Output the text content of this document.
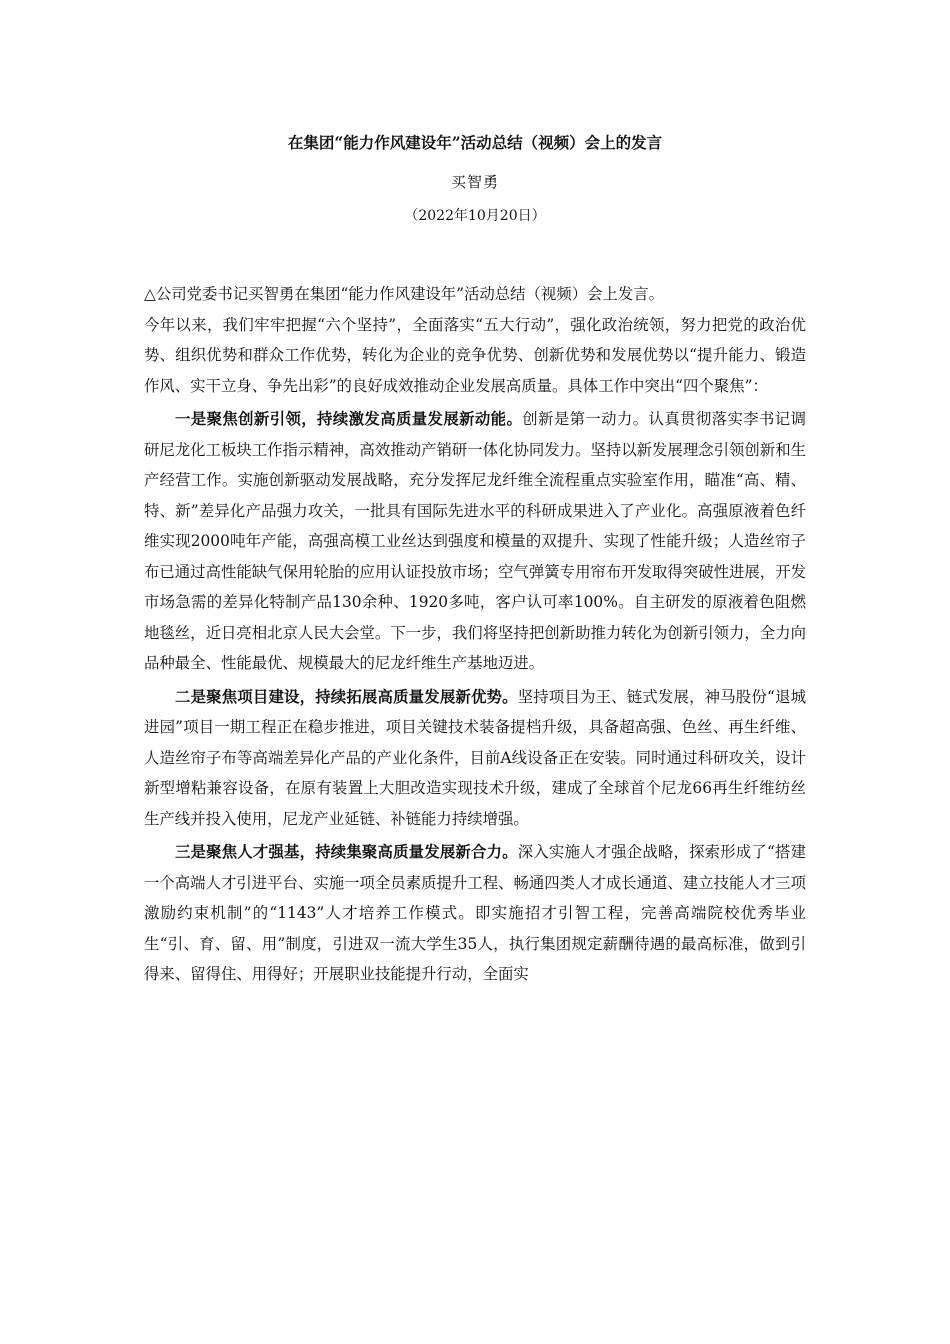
在集团“能力作风建设年”活动总结（视频）会上的发言
买智勇
（2022年10月20日）

△公司党委书记买智勇在集团“能力作风建设年”活动总结（视频）会上发言。

今年以来，我们牢牢把握“六个坚持”，全面落实“五大行动”，强化政治统领，努力把党的政治优势、组织优势和群众工作优势，转化为企业的竞争优势、创新优势和发展优势以“提升能力、锻造作风、实干立身、争先出彩”的良好成效推动企业发展高质量。具体工作中突出“四个聚焦”：

一是聚焦创新引领，持续激发高质量发展新动能。创新是第一动力。认真贯彻落实李书记调研尼龙化工板块工作指示精神，高效推动产销研一体化协同发力。坚持以新发展理念引领创新和生产经营工作。实施创新驱动发展战略，充分发挥尼龙纤维全流程重点实验室作用，瞄准“高、精、特、新”差异化产品强力攻关，一批具有国际先进水平的科研成果进入了产业化。高强原液着色纤维实现2000吨年产能，高强高模工业丝达到强度和模量的双提升、实现了性能升级；人造丝帘子布已通过高性能缺气保用轮胎的应用认证投放市场；空气弹簧专用帘布开发取得突破性进展，开发市场急需的差异化特制产品130余种、1920多吨，客户认可率100%。自主研发的原液着色阻燃地毯丝，近日亮相北京人民大会堂。下一步，我们将坚持把创新助推力转化为创新引领力，全力向品种最全、性能最优、规模最大的尼龙纤维生产基地迈进。

二是聚焦项目建设，持续拓展高质量发展新优势。坚持项目为王、链式发展，神马股份“退城进园”项目一期工程正在稳步推进，项目关键技术装备提档升级，具备超高强、色丝、再生纤维、人造丝帘子布等高端差异化产品的产业化条件，目前A线设备正在安装。同时通过科研攻关，设计新型增粘兼容设备，在原有装置上大胆改造实现技术升级，建成了全球首个尼龙66再生纤维纺丝生产线并投入使用，尼龙产业延链、补链能力持续增强。

三是聚焦人才强基，持续集聚高质量发展新合力。深入实施人才强企战略，探索形成了“搭建一个高端人才引进平台、实施一项全员素质提升工程、畅通四类人才成长通道、建立技能人才三项激励约束机制”的“1143”人才培养工作模式。即实施招才引智工程，完善高端院校优秀毕业生“引、育、留、用”制度，引进双一流大学生35人，执行集团规定薪酬待遇的最高标准，做到引得来、留得住、用得好；开展职业技能提升行动，全面实
